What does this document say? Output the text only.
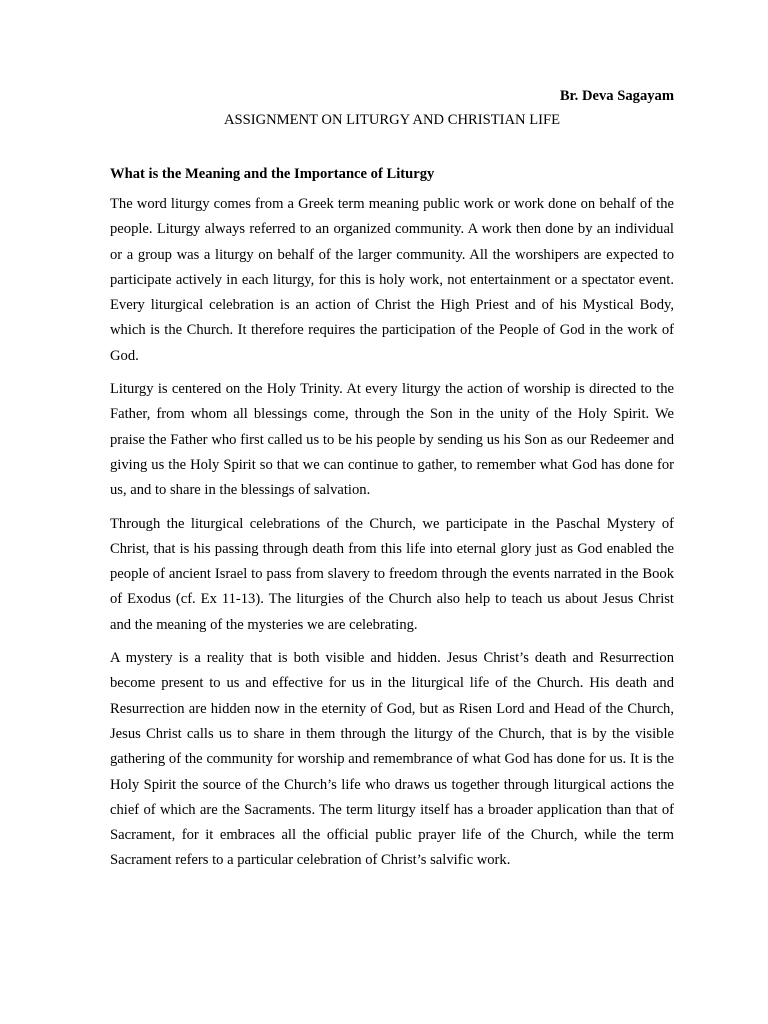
Br. Deva Sagayam

ASSIGNMENT ON LITURGY AND CHRISTIAN LIFE

What is the Meaning and the Importance of Liturgy

The word liturgy comes from a Greek term meaning public work or work done on behalf of the people. Liturgy always referred to an organized community. A work then done by an individual or a group was a liturgy on behalf of the larger community. All the worshipers are expected to participate actively in each liturgy, for this is holy work, not entertainment or a spectator event. Every liturgical celebration is an action of Christ the High Priest and of his Mystical Body, which is the Church. It therefore requires the participation of the People of God in the work of God.

Liturgy is centered on the Holy Trinity. At every liturgy the action of worship is directed to the Father, from whom all blessings come, through the Son in the unity of the Holy Spirit. We praise the Father who first called us to be his people by sending us his Son as our Redeemer and giving us the Holy Spirit so that we can continue to gather, to remember what God has done for us, and to share in the blessings of salvation.

Through the liturgical celebrations of the Church, we participate in the Paschal Mystery of Christ, that is his passing through death from this life into eternal glory just as God enabled the people of ancient Israel to pass from slavery to freedom through the events narrated in the Book of Exodus (cf. Ex 11-13). The liturgies of the Church also help to teach us about Jesus Christ and the meaning of the mysteries we are celebrating.

A mystery is a reality that is both visible and hidden. Jesus Christ’s death and Resurrection become present to us and effective for us in the liturgical life of the Church. His death and Resurrection are hidden now in the eternity of God, but as Risen Lord and Head of the Church, Jesus Christ calls us to share in them through the liturgy of the Church, that is by the visible gathering of the community for worship and remembrance of what God has done for us. It is the Holy Spirit the source of the Church’s life who draws us together through liturgical actions the chief of which are the Sacraments. The term liturgy itself has a broader application than that of Sacrament, for it embraces all the official public prayer life of the Church, while the term Sacrament refers to a particular celebration of Christ’s salvific work.
